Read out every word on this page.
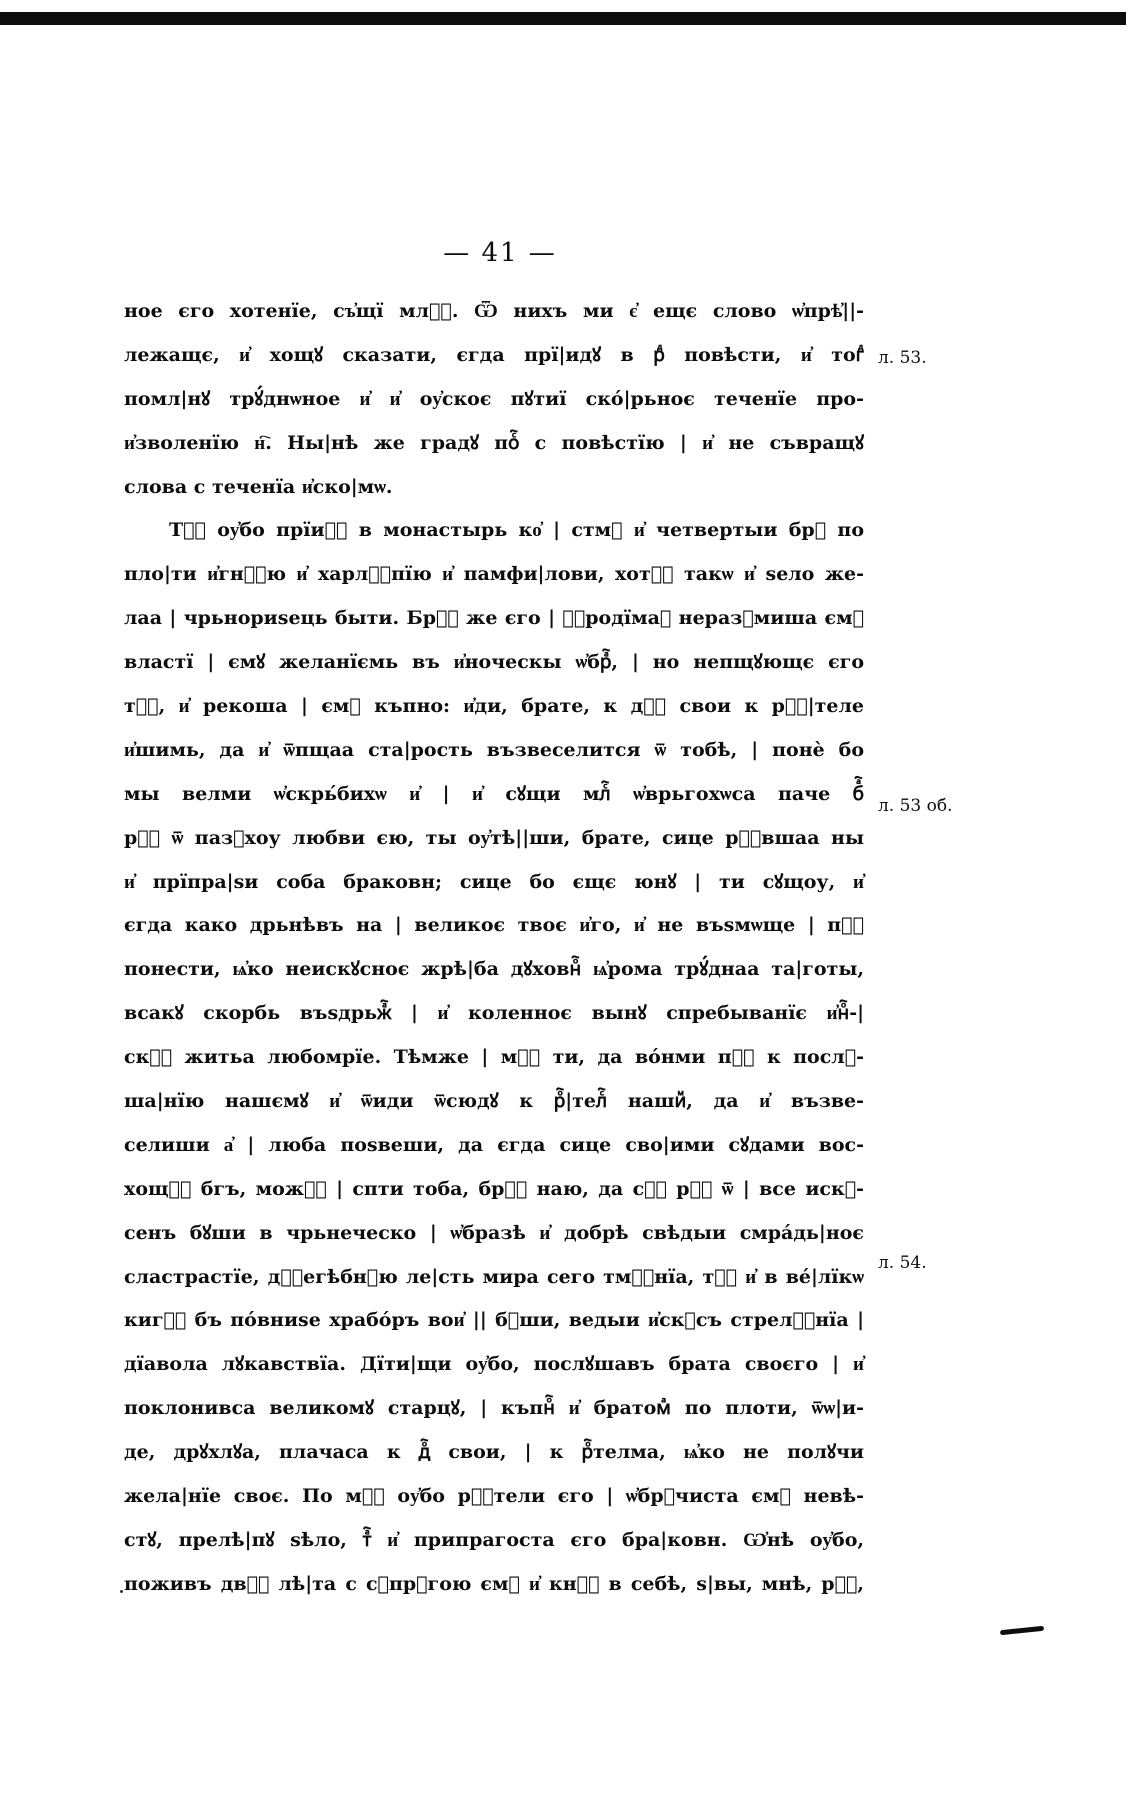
— 41 —
ное єго хотенїе, съ҆щї млⷭ҇. Ѿ нихъ ми є҆ ещє слово ѡ҆прѣ҆||-
лежащє, и҆ хощꙋ сказати, єгда прї|идꙋ в рⷣ повѣсти, и҆ тогⷣ
помл|нꙋ трꙋ́днѡное и҆ и҆ оу҆скоє пꙋтиї ско́|рьноє теченїе про-
и҆зволенїю н҇. Ны|нѣ же градꙋ поⷭ҇ с повѣстїю | и҆ не съвращꙋ
слова с теченїа и҆ско|мѡ.
Тⷶ҇ оу҆бо прїи҆ⷣ в монастырь ко҆ | стмꙋ и҆ четвертыи брⷣ по
пло|ти и҆гнⷶ҇ю и҆ харлⷶ҇пїю и҆ памфи|лови, хотⷶ҇ такѡ и҆ ѕело же-
лаа | чрьнориѕець быти. Брⷶ҇ же єго | ꙋ҆родїмаⷶ неразꙋмиша ємꙋ
властї | ємꙋ желанїємь въ и҆ноческы ѡ҆брⷶ҇, | но непщꙋющє єго
тⷶ҇, и҆ рекоша | ємꙋ къпно: и҆ди, брате, к дⷪ҇ свои к рⷪ҇|теле
и҆шимь, да и҆ ѿпщаа ста|рость възвеселится ѿ тобѣ, | понѐ бо
мы велми ѡ҆скрь́бихѡ и҆ | и҆ сꙋщи млⷭ҇ ѡ҆врьгохѡса паче бⷶ҇
рⷶ҇ ѿ пазꙋхоу любви єю, ты оу҆тѣ||ши, брате, сице рⷪ҇вшаа ны
и҆ прїпра|ѕи соба браковн; сице бо єщє юнꙋ | ти сꙋщоу, и҆
єгда како дрьнѣвъ на | великоє твоє и҆го, и҆ не въѕмѡще | пⷶ҇
понести, ѩ҆ко неискꙋсноє жрѣ|ба дꙋховнⷪ҇ ѩ҆рома трꙋ́днаа та|готы,
всакꙋ скорбь въѕдрьжⷶ҇ | и҆ коленноє вынꙋ спребыванїє и҆нⷪ҇-|
скⷶ҇ житьа любомрїе. Тѣмже | мⷶ҇ ти, да во́нми пⷶ҇ к послꙋ-
ша|нїю нашємꙋ и҆ ѿиди ѿсюдꙋ к рⷪ҇|телⷭ҇ нашиⷨ, да и҆ възве-
селиши а҆ | люба поѕвеши, да єгда сице сво|ими сꙋдами вос-
хощⷭ҇ бгъ, можⷶ҇ | спти тоба, брⷶ҇ наю, да сⷭ҇ рⷶ҇ ѿ | все искꙋ-
сенъ бꙋши в чрьнеческо | ѡ҆бразѣ и҆ добрѣ свѣдыи смра́дь|ноє
сластрастїе, дⷶ҇егѣбнꙋю ле|сть мира сего тмⷭ҇нїа, тⷶ҇ и҆ в ве́|лїкѡ
кигⷶ҇ бъ по́вниѕе храбо́ръ вои҆ || бꙋши, ведыи и҆скꙋсъ стрелⷶ҇нїа |
дїавола лꙋкавствїа. Дїти|щи оу҆бо, послꙋшавъ брата своєго | и҆
поклонивса великомꙋ старцꙋ, | къпнⷪ҇ и҆ братомⷶ по плоти, ѿѡ|и-
де, дрꙋхлꙋа, плачаса к дⷪ҇ свои, | к рⷪ҇телма, ѩ҆ко не полꙋчи
жела|нїе своє. По мⷶ҇ оу҆бо рⷪ҇тели єго | ѡ҆брꙋчиста ємꙋ невѣ-
стꙋ, прелѣ|пꙋ ѕѣло, тⷶ҇ и҆ припрагоста єго бра|ковн. Ѡ҆нѣ оу҆бо,
поживъ двⷶ҇ лѣ|та с сꙋпрꙋгою ємꙋ и҆ кнⷪ҇ в себѣ, ѕ|вы, мнѣ, рⷭ҇,
л. 53.
л. 53 об.
л. 54.
